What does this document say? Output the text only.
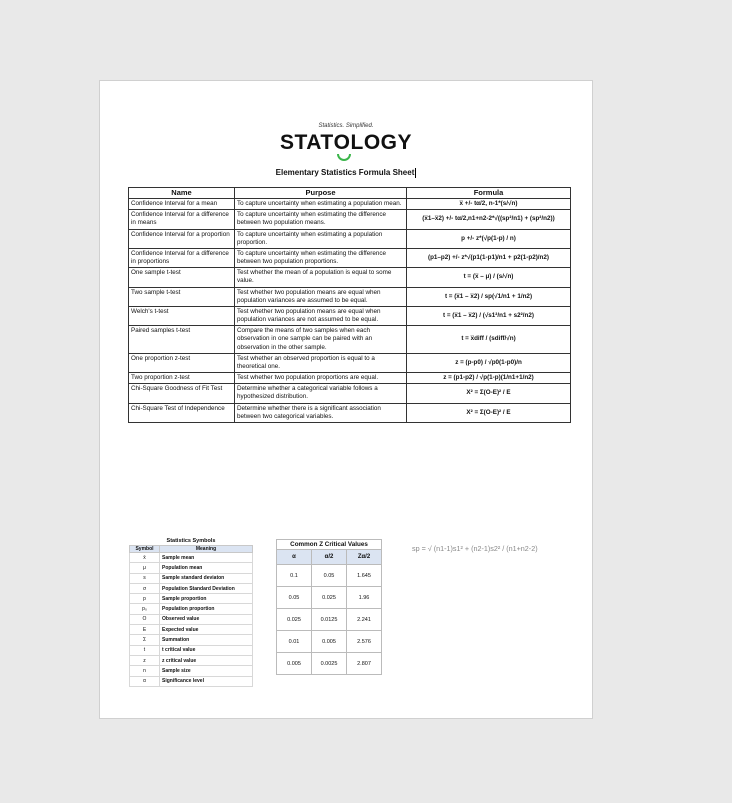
Statistics. Simplified.
STATO
LOGY
Elementary Statistics Formula Sheet
Name	Purpose	Formula
Confidence Interval for a mean	To capture uncertainty when estimating a population mean.	x̅ +/- tα/2, n-1*(s/√n)
Confidence Interval for a difference in means	To capture uncertainty when estimating the difference between two population means.	(x̅1–x̅2) +/- tα/2,n1+n2-2*√((sp²/n1) + (sp²/n2))
Confidence Interval for a proportion	To capture uncertainty when estimating a population proportion.	p +/- z*(√p(1-p) / n)
Confidence Interval for a difference in proportions	To capture uncertainty when estimating the difference between two population proportions.	(p1–p2) +/- z*√(p1(1-p1)/n1 + p2(1-p2)/n2)
One sample t-test	Test whether the mean of a population is equal to some value.	t = (x̅ – μ) / (s/√n)
Two sample t-test	Test whether two population means are equal when population variances are assumed to be equal.	t = (x̅1 – x̅2) / sp(√1/n1 + 1/n2)
Welch's t-test	Test whether two population means are equal when population variances are not assumed to be equal.	t = (x̅1 – x̅2) / (√s1²/n1 + s2²/n2)
Paired samples t-test	Compare the means of two samples when each observation in one sample can be paired with an observation in the other sample.	t = x̅diff / (sdiff/√n)
One proportion z-test	Test whether an observed proportion is equal to a theoretical one.	z = (p-p0) / √p0(1-p0)/n
Two proportion z-test	Test whether two population proportions are equal.	z = (p1-p2) / √p(1-p)(1/n1+1/n2)
Chi-Square Goodness of Fit Test	Determine whether a categorical variable follows a hypothesized distribution.	X² = Σ(O-E)² / E
Chi-Square Test of Independence	Determine whether there is a significant association between two categorical variables.	X² = Σ(O-E)² / E
Statistics Symbols
Symbol	Meaning
x̄	Sample mean
μ	Population mean
s	Sample standard deviaton
σ	Population Standard Deviation
p	Sample proportion
p₀	Population proportion
O	Observed value
E	Expected value
Σ	Summation
t	t critical value
z	z critical value
n	Sample size
α	Significance level
Common Z Critical Values
α	α/2	Zα/2
0.1	0.05	1.645
0.05	0.025	1.96
0.025	0.0125	2.241
0.01	0.005	2.576
0.005	0.0025	2.807
sp = √ (n1-1)s1² + (n2-1)s2² / (n1+n2-2)
